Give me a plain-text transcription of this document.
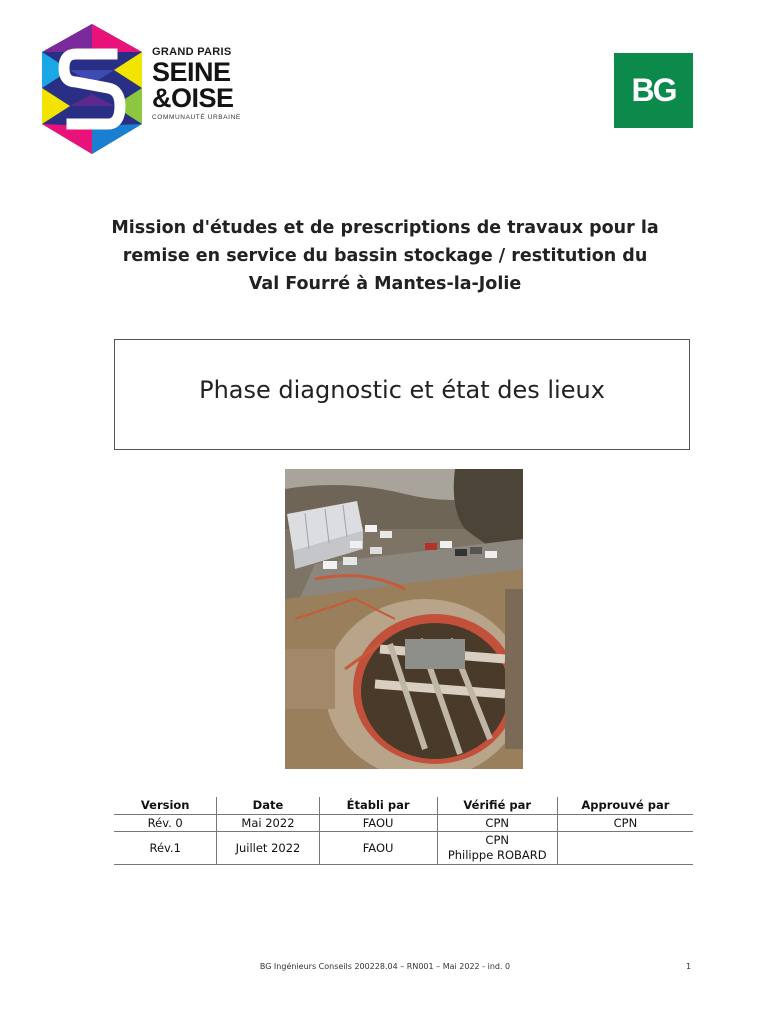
GRAND PARIS
SEINE
&OISE
COMMUNAUTÉ URBAINE
BG
Mission d'études et de prescriptions de travaux pour la remise en service du bassin stockage / restitution du Val Fourré à Mantes-la-Jolie
Phase diagnostic et état des lieux
Version	Date	Établi par	Vérifié par	Approuvé par
Rév. 0	Mai 2022	FAOU	CPN	CPN
Rév.1	Juillet 2022	FAOU	CPN
Philippe ROBARD	

BG Ingénieurs Conseils 200228.04 – RN001 – Mai 2022 - ind. 0	1
